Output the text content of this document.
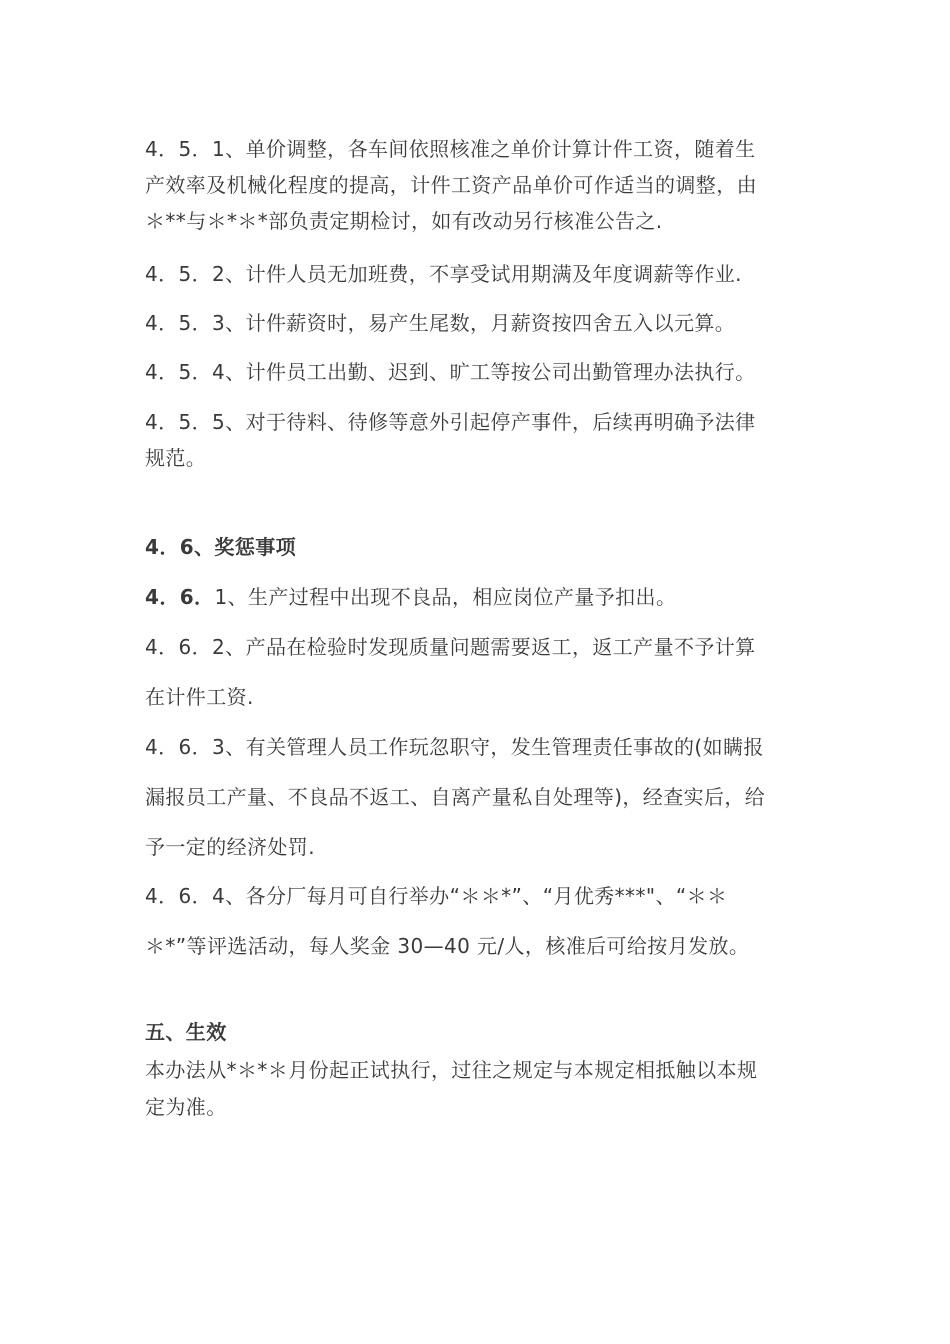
4．5．1、单价调整，各车间依照核准之单价计算计件工资，随着生
产效率及机械化程度的提高，计件工资产品单价可作适当的调整，由
＊**与＊*＊*部负责定期检讨，如有改动另行核准公告之.
4．5．2、计件人员无加班费，不享受试用期满及年度调薪等作业.
4．5．3、计件薪资时，易产生尾数，月薪资按四舍五入以元算。
4．5．4、计件员工出勤、迟到、旷工等按公司出勤管理办法执行。
4．5．5、对于待料、待修等意外引起停产事件，后续再明确予法律
规范。
4．6、奖惩事项
4．6．1、生产过程中出现不良品，相应岗位产量予扣出。
4．6．2、产品在检验时发现质量问题需要返工，返工产量不予计算
在计件工资.
4．6．3、有关管理人员工作玩忽职守，发生管理责任事故的(如瞒报
漏报员工产量、不良品不返工、自离产量私自处理等)，经查实后，给
予一定的经济处罚.
4．6．4、各分厂每月可自行举办“＊＊*”、“月优秀***"、“＊＊
＊*”等评选活动，每人奖金 30—40 元/人，核准后可给按月发放。
五、生效
本办法从*＊*＊月份起正试执行，过往之规定与本规定相抵触以本规
定为准。
